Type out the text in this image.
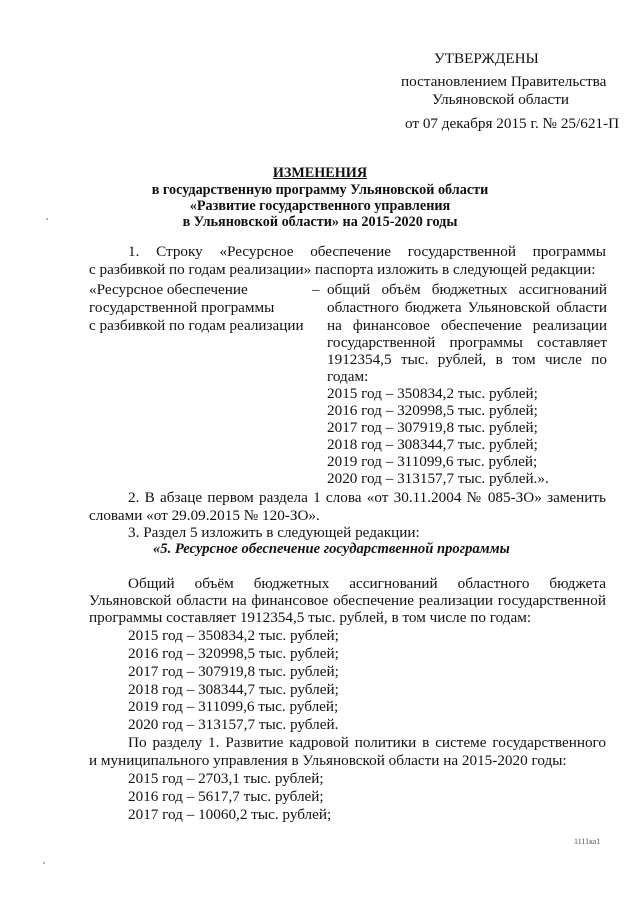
УТВЕРЖДЕНЫ
постановлением Правительства
Ульяновской области
от 07 декабря 2015 г. № 25/621-П
ИЗМЕНЕНИЯ
в государственную программу Ульяновской области
«Развитие государственного управления
в Ульяновской области» на 2015-2020 годы
1. Строку «Ресурсное обеспечение государственной программы
с разбивкой по годам реализации» паспорта изложить в следующей редакции:
«Ресурсное обеспечение
государственной программы
с разбивкой по годам реализации
– общий объём бюджетных ассигнований
областного бюджета Ульяновской области
на финансовое обеспечение реализации
государственной программы составляет
1912354,5 тыс. рублей, в том числе по
годам:
2015 год – 350834,2 тыс. рублей;
2016 год – 320998,5 тыс. рублей;
2017 год – 307919,8 тыс. рублей;
2018 год – 308344,7 тыс. рублей;
2019 год – 311099,6 тыс. рублей;
2020 год – 313157,7 тыс. рублей.».
2. В абзаце первом раздела 1 слова «от 30.11.2004 № 085-ЗО» заменить
словами «от 29.09.2015 № 120-ЗО».
3. Раздел 5 изложить в следующей редакции:
«5. Ресурсное обеспечение государственной программы
Общий объём бюджетных ассигнований областного бюджета
Ульяновской области на финансовое обеспечение реализации государственной
программы составляет 1912354,5 тыс. рублей, в том числе по годам:
2015 год – 350834,2 тыс. рублей;
2016 год – 320998,5 тыс. рублей;
2017 год – 307919,8 тыс. рублей;
2018 год – 308344,7 тыс. рублей;
2019 год – 311099,6 тыс. рублей;
2020 год – 313157,7 тыс. рублей.
По разделу 1. Развитие кадровой политики в системе государственного
и муниципального управления в Ульяновской области на 2015-2020 годы:
2015 год – 2703,1 тыс. рублей;
2016 год – 5617,7 тыс. рублей;
2017 год – 10060,2 тыс. рублей;
1111ка1
